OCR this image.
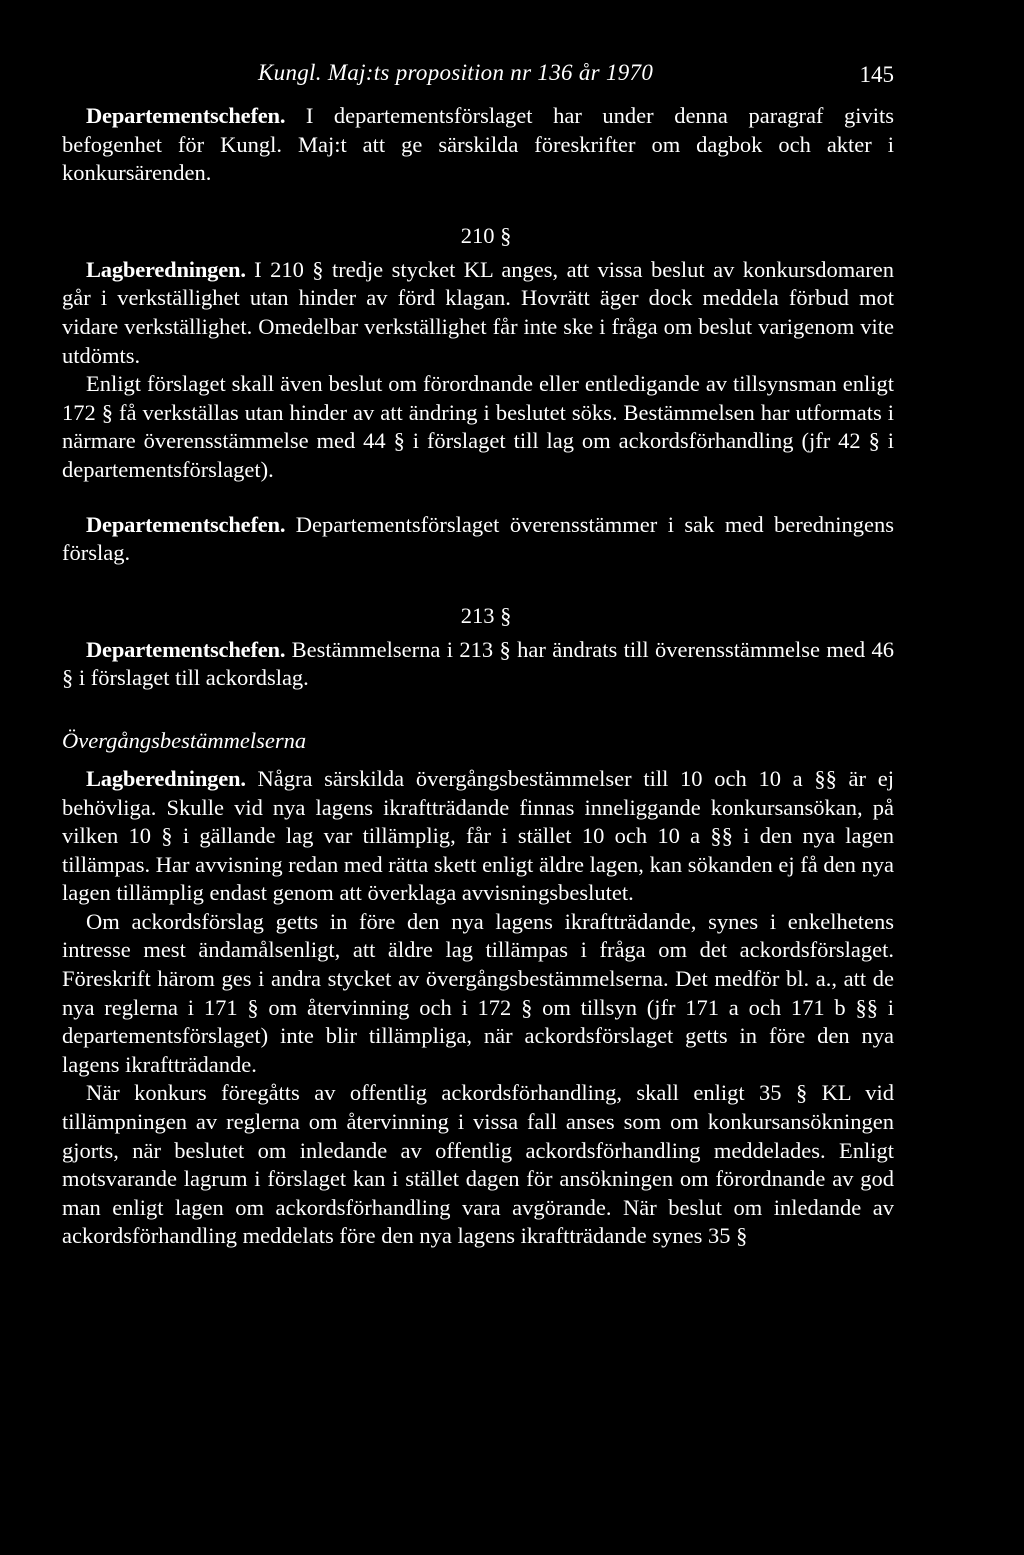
Kungl. Maj:ts proposition nr 136 år 1970	145

Departementschefen. I departementsförslaget har under denna paragraf givits befogenhet för Kungl. Maj:t att ge särskilda föreskrifter om dagbok och akter i konkursärenden.

210 §

Lagberedningen. I 210 § tredje stycket KL anges, att vissa beslut av konkursdomaren går i verkställighet utan hinder av förd klagan. Hovrätt äger dock meddela förbud mot vidare verkställighet. Omedelbar verkställighet får inte ske i fråga om beslut varigenom vite utdömts.

Enligt förslaget skall även beslut om förordnande eller entledigande av tillsynsman enligt 172 § få verkställas utan hinder av att ändring i beslutet söks. Bestämmelsen har utformats i närmare överensstämmelse med 44 § i förslaget till lag om ackordsförhandling (jfr 42 § i departementsförslaget).

Departementschefen. Departementsförslaget överensstämmer i sak med beredningens förslag.

213 §

Departementschefen. Bestämmelserna i 213 § har ändrats till överensstämmelse med 46 § i förslaget till ackordslag.

Övergångsbestämmelserna

Lagberedningen. Några särskilda övergångsbestämmelser till 10 och 10 a §§ är ej behövliga. Skulle vid nya lagens ikraftträdande finnas inneliggande konkursansökan, på vilken 10 § i gällande lag var tillämplig, får i stället 10 och 10 a §§ i den nya lagen tillämpas. Har avvisning redan med rätta skett enligt äldre lagen, kan sökanden ej få den nya lagen tillämplig endast genom att överklaga avvisningsbeslutet.

Om ackordsförslag getts in före den nya lagens ikraftträdande, synes i enkelhetens intresse mest ändamålsenligt, att äldre lag tillämpas i fråga om det ackordsförslaget. Föreskrift härom ges i andra stycket av övergångsbestämmelserna. Det medför bl. a., att de nya reglerna i 171 § om återvinning och i 172 § om tillsyn (jfr 171 a och 171 b §§ i departementsförslaget) inte blir tillämpliga, när ackordsförslaget getts in före den nya lagens ikraftträdande.

När konkurs föregåtts av offentlig ackordsförhandling, skall enligt 35 § KL vid tillämpningen av reglerna om återvinning i vissa fall anses som om konkursansökningen gjorts, när beslutet om inledande av offentlig ackordsförhandling meddelades. Enligt motsvarande lagrum i förslaget kan i stället dagen för ansökningen om förordnande av god man enligt lagen om ackordsförhandling vara avgörande. När beslut om inledande av ackordsförhandling meddelats före den nya lagens ikraftträdande synes 35 §
